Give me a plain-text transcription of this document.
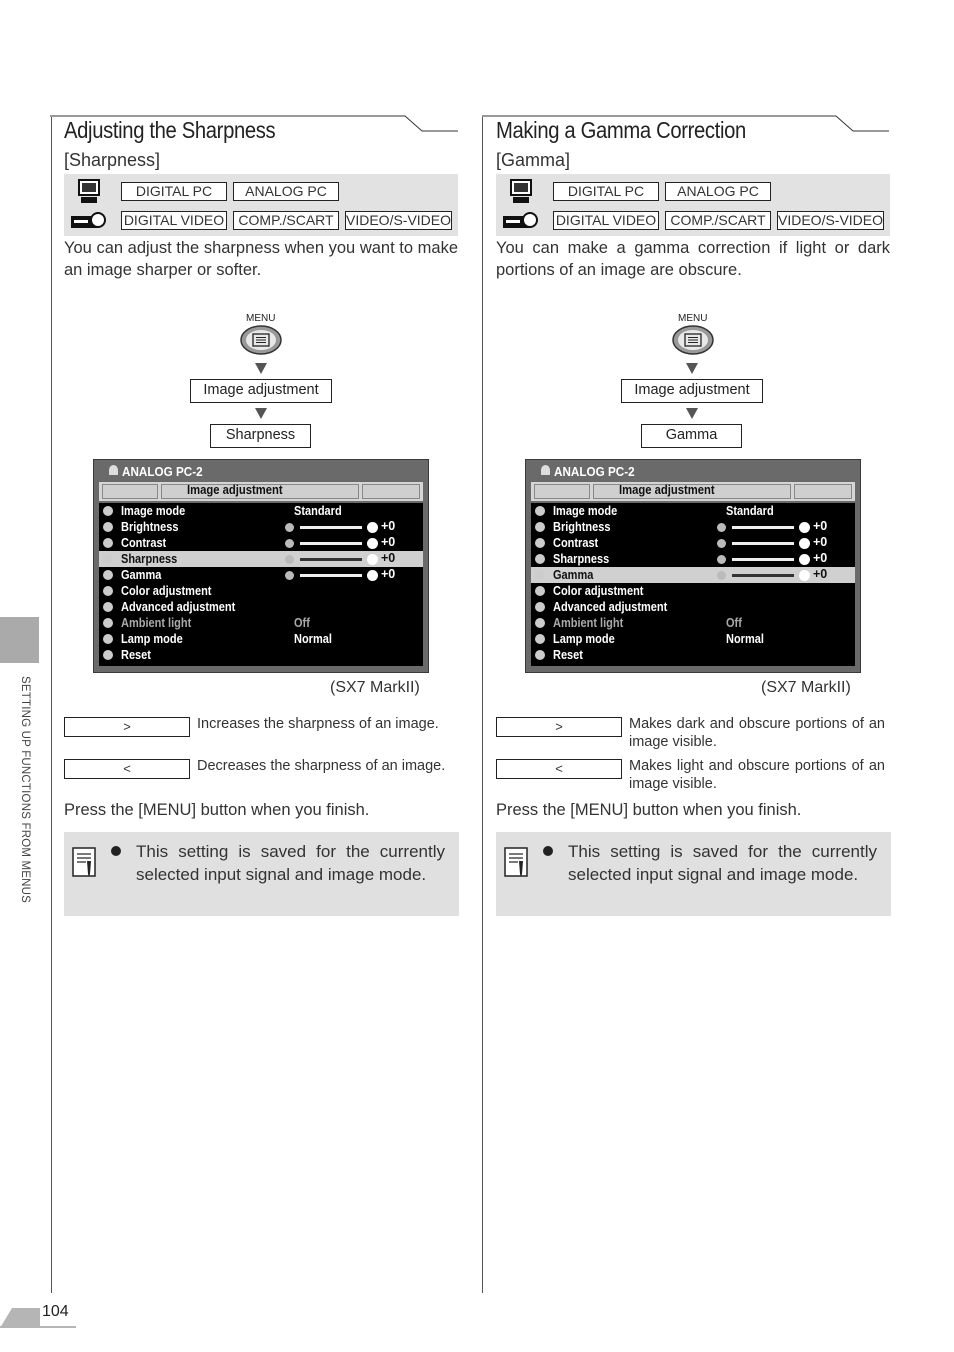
SETTING UP FUNCTIONS FROM MENUS
104
Adjusting the Sharpness
[Sharpness]
DIGITAL PC	ANALOG PC
DIGITAL VIDEO	COMP./SCART VIDEO/S-VIDEO

You can adjust the sharpness when you want to make an image sharper or softer.

MENU
Image adjustment
Sharpness
ANALOG PC-2
Image adjustment
Image mode	Standard
Brightness	+0
Contrast	+0
Sharpness	+0
Gamma	+0
Color adjustment
Advanced adjustment
Ambient light	Off
Lamp mode	Normal
Reset
(SX7 MarkII)
>	Increases the sharpness of an image.
<	Decreases the sharpness of an image.
Press the [MENU] button when you finish.

This setting is saved for the currently selected input signal and image mode.

Making a Gamma Correction
[Gamma]
DIGITAL PC	ANALOG PC
DIGITAL VIDEO	COMP./SCART VIDEO/S-VIDEO

You can make a gamma correction if light or dark portions of an image are obscure.

MENU
Image adjustment
Gamma
ANALOG PC-2
Image adjustment
Image mode	Standard
Brightness	+0
Contrast	+0
Sharpness	+0
Gamma	+0
Color adjustment
Advanced adjustment
Ambient light	Off
Lamp mode	Normal
Reset
(SX7 MarkII)
>	Makes dark and obscure portions of an image visible.
<	Makes light and obscure portions of an image visible.
Press the [MENU] button when you finish.

This setting is saved for the currently selected input signal and image mode.
